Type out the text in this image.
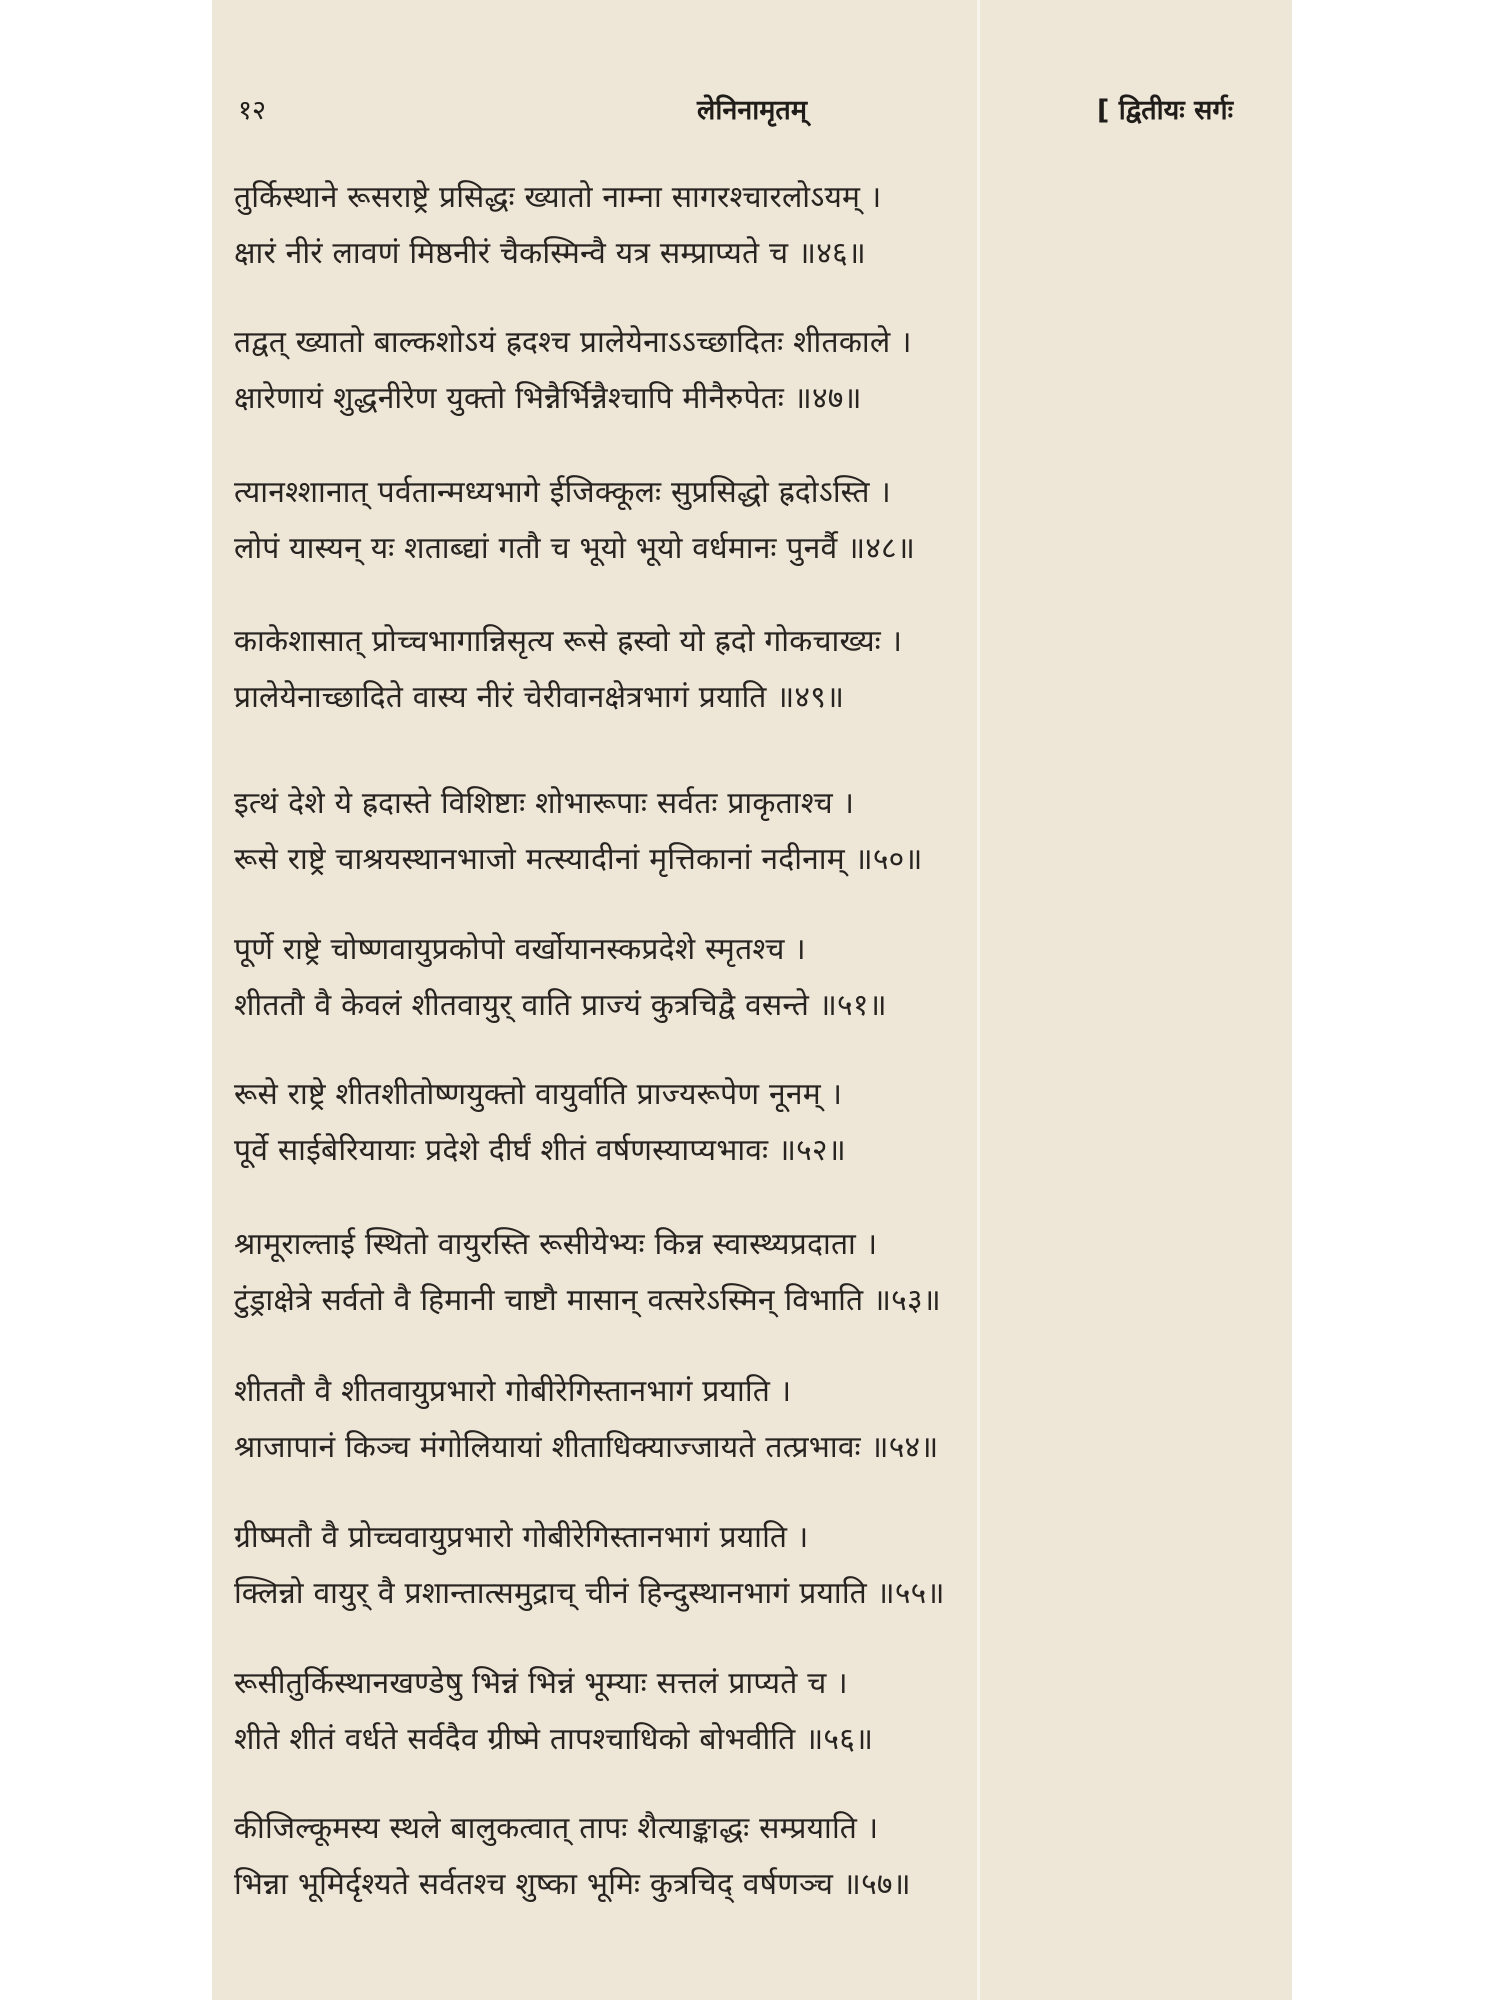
१२	लेनिनामृतम्	[ द्वितीयः सर्गः
तुर्किस्थाने रूसराष्ट्रे प्रसिद्धः ख्यातो नाम्ना सागरश्चारलोऽयम् ।
क्षारं नीरं लावणं मिष्ठनीरं चैकस्मिन्वै यत्र सम्प्राप्यते च ॥४६॥
तद्वत् ख्यातो बाल्कशोऽयं ह्रदश्च प्रालेयेनाऽऽच्छादितः शीतकाले ।
क्षारेणायं शुद्धनीरेण युक्तो भिन्नैर्भिन्नैश्चापि मीनैरुपेतः ॥४७॥
त्यानश्शानात् पर्वतान्मध्यभागे ईजिक्कूलः सुप्रसिद्धो ह्रदोऽस्ति ।
लोपं यास्यन् यः शताब्द्यां गतौ च भूयो भूयो वर्धमानः पुनर्वै ॥४८॥
काकेशासात् प्रोच्चभागान्निसृत्य रूसे ह्रस्वो यो ह्रदो गोकचाख्यः ।
प्रालेयेनाच्छादिते वास्य नीरं चेरीवानक्षेत्रभागं प्रयाति ॥४९॥
इत्थं देशे ये ह्रदास्ते विशिष्टाः शोभारूपाः सर्वतः प्राकृताश्च ।
रूसे राष्ट्रे चाश्रयस्थानभाजो मत्स्यादीनां मृत्तिकानां नदीनाम् ॥५०॥
पूर्णे राष्ट्रे चोष्णवायुप्रकोपो वर्खोयानस्कप्रदेशे स्मृतश्च ।
शीततौ वै केवलं शीतवायुर् वाति प्राज्यं कुत्रचिद्वै वसन्ते ॥५१॥
रूसे राष्ट्रे शीतशीतोष्णयुक्तो वायुर्वाति प्राज्यरूपेण नूनम् ।
पूर्वे साईबेरियायाः प्रदेशे दीर्घं शीतं वर्षणस्याप्यभावः ॥५२॥
श्रामूराल्ताई स्थितो वायुरस्ति रूसीयेभ्यः किन्न स्वास्थ्यप्रदाता ।
टुंड्राक्षेत्रे सर्वतो वै हिमानी चाष्टौ मासान् वत्सरेऽस्मिन् विभाति ॥५३॥
शीततौ वै शीतवायुप्रभारो गोबीरेगिस्तानभागं प्रयाति ।
श्राजापानं किञ्च मंगोलियायां शीताधिक्याज्जायते तत्प्रभावः ॥५४॥
ग्रीष्मतौ वै प्रोच्चवायुप्रभारो गोबीरेगिस्तानभागं प्रयाति ।
क्लिन्नो वायुर् वै प्रशान्तात्समुद्राच् चीनं हिन्दुस्थानभागं प्रयाति ॥५५॥
रूसीतुर्किस्थानखण्डेषु भिन्नं भिन्नं भूम्याः सत्तलं प्राप्यते च ।
शीते शीतं वर्धते सर्वदैव ग्रीष्मे तापश्चाधिको बोभवीति ॥५६॥
कीजिल्कूमस्य स्थले बालुकत्वात् तापः शैत्याङ्काद्धः सम्प्रयाति ।
भिन्ना भूमिर्दृश्यते सर्वतश्च शुष्का भूमिः कुत्रचिद् वर्षणञ्च ॥५७॥
